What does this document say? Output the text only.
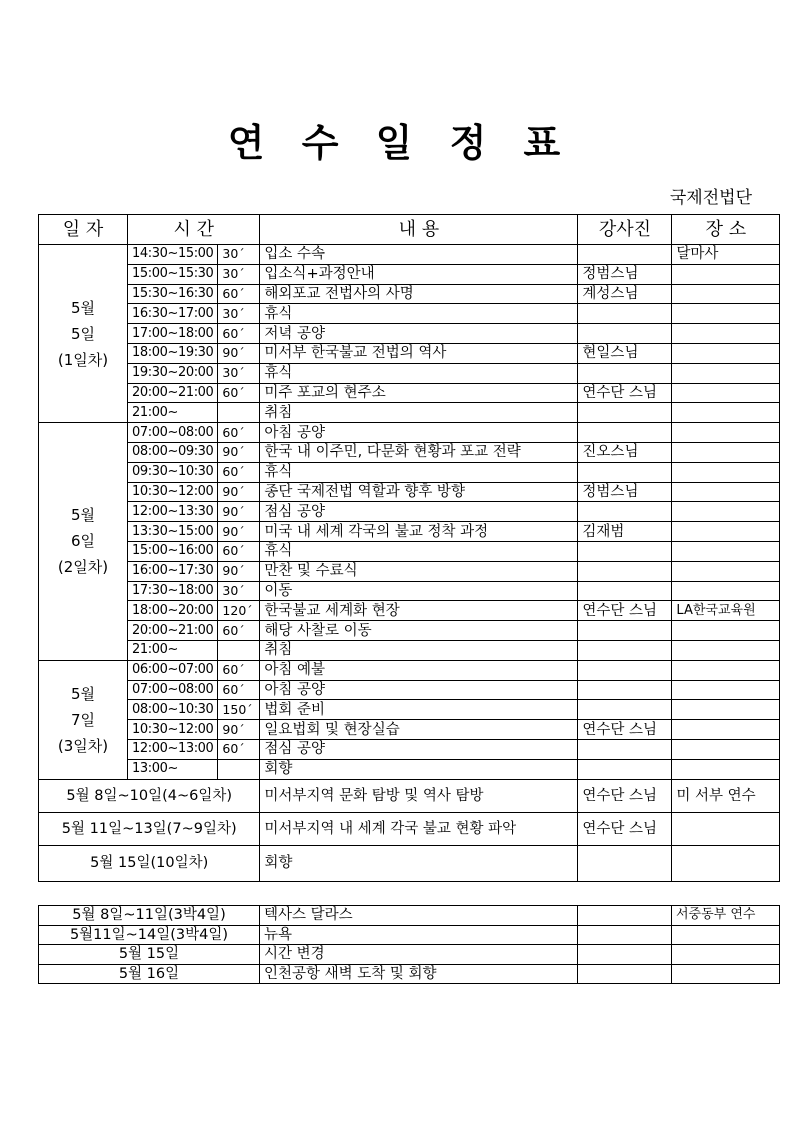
연 수 일 정 표
국제전법단
일 자	시 간		내 용	강사진	장 소

5월
5일
(1일차)	14:30~15:00	30´	입소 수속		달마사
	15:00~15:30	30´	입소식+과정안내	정범스님	
	15:30~16:30	60´	해외포교 전법사의 사명	계성스님	
	16:30~17:00	30´	휴식		
	17:00~18:00	60´	저녁 공양		
	18:00~19:30	90´	미서부 한국불교 전법의 역사	현일스님	
	19:30~20:00	30´	휴식		
	20:00~21:00	60´	미주 포교의 현주소	연수단 스님	
	21:00~		취침		

5월
6일
(2일차)	07:00~08:00	60´	아침 공양		
	08:00~09:30	90´	한국 내 이주민, 다문화 현황과 포교 전략	진오스님	
	09:30~10:30	60´	휴식		
	10:30~12:00	90´	종단 국제전법 역할과 향후 방향	정범스님	
	12:00~13:30	90´	점심 공양		
	13:30~15:00	90´	미국 내 세계 각국의 불교 정착 과정	김재범	
	15:00~16:00	60´	휴식		
	16:00~17:30	90´	만찬 및 수료식		
	17:30~18:00	30´	이동		
	18:00~20:00	120´	한국불교 세계화 현장	연수단 스님	LA한국교육원
	20:00~21:00	60´	해당 사찰로 이동		
	21:00~		취침		

5월
7일
(3일차)	06:00~07:00	60´	아침 예불		
	07:00~08:00	60´	아침 공양		
	08:00~10:30	150´	법회 준비		
	10:30~12:00	90´	일요법회 및 현장실습	연수단 스님	
	12:00~13:00	60´	점심 공양		
	13:00~		회향		
5월 8일~10일(4~6일차)			미서부지역 문화 탐방 및 역사 탐방	연수단 스님	미 서부 연수
5월 11일~13일(7~9일차)			미서부지역 내 세계 각국 불교 현황 파악	연수단 스님	
5월 15일(10일차)			회향		
5월 8일~11일(3박4일)	텍사스 달라스		서중동부 연수
5월11일~14일(3박4일)	뉴욕		
5월 15일	시간 변경		
5월 16일	인천공항 새벽 도착 및 회향		
